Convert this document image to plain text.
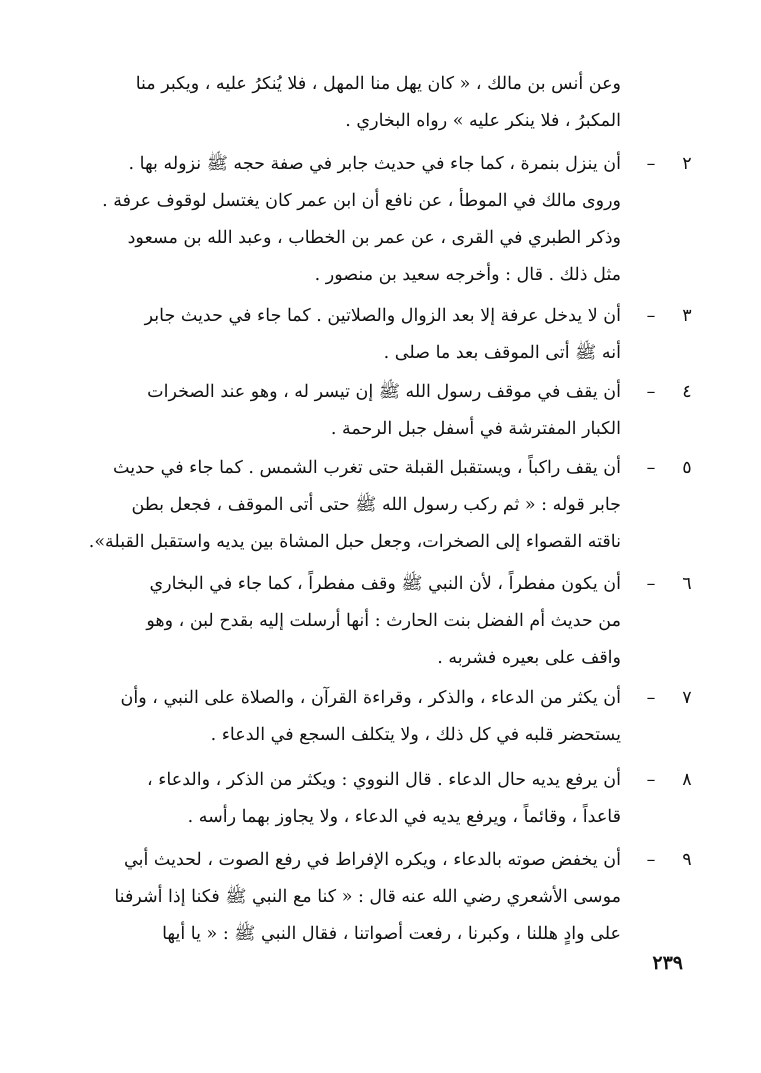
وعن أنس بن مالك ، « كان يهل منا المهل ، فلا يُنكرُ عليه ، ويكبر منا
المكبرُ ، فلا ينكر عليه » رواه البخاري .
٢
–
أن ينزل بنمرة ، كما جاء في حديث جابر في صفة حجه ﷺ نزوله بها .
وروى مالك في الموطأ ، عن نافع أن ابن عمر كان يغتسل لوقوف عرفة .
وذكر الطبري في القرى ، عن عمر بن الخطاب ، وعبد الله بن مسعود
مثل ذلك . قال : وأخرجه سعيد بن منصور .
٣
–
أن لا يدخل عرفة إلا بعد الزوال والصلاتين . كما جاء في حديث جابر
أنه ﷺ أتى الموقف بعد ما صلى .
٤
–
أن يقف في موقف رسول الله ﷺ إن تيسر له ، وهو عند الصخرات
الكبار المفترشة في أسفل جبل الرحمة .
٥
–
أن يقف راكباً ، ويستقبل القبلة حتى تغرب الشمس . كما جاء في حديث
جابر قوله : « ثم ركب رسول الله ﷺ حتى أتى الموقف ، فجعل بطن
ناقته القصواء إلى الصخرات، وجعل حبل المشاة بين يديه واستقبل القبلة».
٦
–
أن يكون مفطراً ، لأن النبي ﷺ وقف مفطراً ، كما جاء في البخاري
من حديث أم الفضل بنت الحارث : أنها أرسلت إليه بقدح لبن ، وهو
واقف على بعيره فشربه .
٧
–
أن يكثر من الدعاء ، والذكر ، وقراءة القرآن ، والصلاة على النبي ، وأن
يستحضر قلبه في كل ذلك ، ولا يتكلف السجع في الدعاء .
٨
–
أن يرفع يديه حال الدعاء . قال النووي : ويكثر من الذكر ، والدعاء ،
قاعداً ، وقائماً ، ويرفع يديه في الدعاء ، ولا يجاوز بهما رأسه .
٩
–
أن يخفض صوته بالدعاء ، ويكره الإفراط في رفع الصوت ، لحديث أبي
موسى الأشعري رضي الله عنه قال : « كنا مع النبي ﷺ فكنا إذا أشرفنا
على وادٍ هللنا ، وكبرنا ، رفعت أصواتنا ، فقال النبي ﷺ : « يا أيها
٢٣٩
